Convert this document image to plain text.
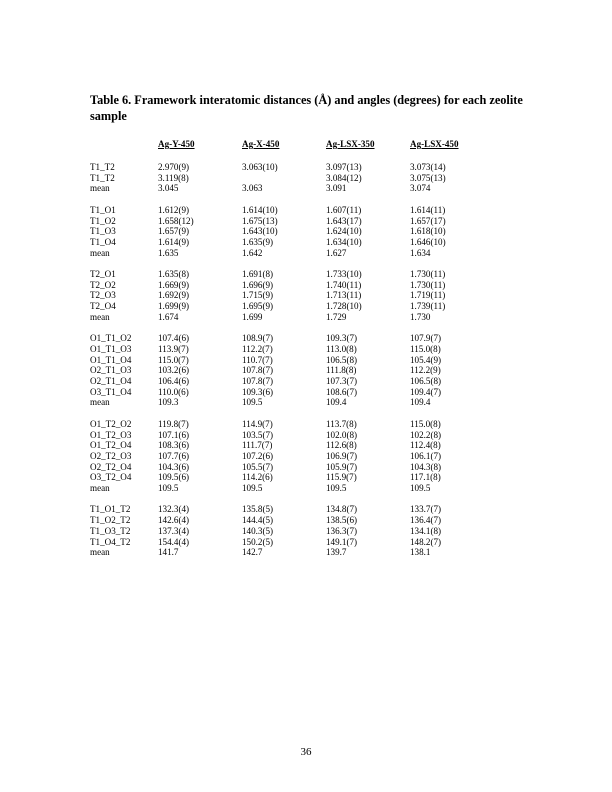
Table 6. Framework interatomic distances (Å) and angles (degrees) for each zeolite sample
	Ag-Y-450	Ag-X-450	Ag-LSX-350	Ag-LSX-450

T1_T2	2.970(9)	3.063(10)	3.097(13)	3.073(14)
T1_T2	3.119(8)		3.084(12)	3.075(13)
mean	3.045	3.063	3.091	3.074

T1_O1	1.612(9)	1.614(10)	1.607(11)	1.614(11)
T1_O2	1.658(12)	1.675(13)	1.643(17)	1.657(17)
T1_O3	1.657(9)	1.643(10)	1.624(10)	1.618(10)
T1_O4	1.614(9)	1.635(9)	1.634(10)	1.646(10)
mean	1.635	1.642	1.627	1.634

T2_O1	1.635(8)	1.691(8)	1.733(10)	1.730(11)
T2_O2	1.669(9)	1.696(9)	1.740(11)	1.730(11)
T2_O3	1.692(9)	1.715(9)	1.713(11)	1.719(11)
T2_O4	1.699(9)	1.695(9)	1.728(10)	1.739(11)
mean	1.674	1.699	1.729	1.730

O1_T1_O2	107.4(6)	108.9(7)	109.3(7)	107.9(7)
O1_T1_O3	113.9(7)	112.2(7)	113.0(8)	115.0(8)
O1_T1_O4	115.0(7)	110.7(7)	106.5(8)	105.4(9)
O2_T1_O3	103.2(6)	107.8(7)	111.8(8)	112.2(9)
O2_T1_O4	106.4(6)	107.8(7)	107.3(7)	106.5(8)
O3_T1_O4	110.0(6)	109.3(6)	108.6(7)	109.4(7)
mean	109.3	109.5	109.4	109.4

O1_T2_O2	119.8(7)	114.9(7)	113.7(8)	115.0(8)
O1_T2_O3	107.1(6)	103.5(7)	102.0(8)	102.2(8)
O1_T2_O4	108.3(6)	111.7(7)	112.6(8)	112.4(8)
O2_T2_O3	107.7(6)	107.2(6)	106.9(7)	106.1(7)
O2_T2_O4	104.3(6)	105.5(7)	105.9(7)	104.3(8)
O3_T2_O4	109.5(6)	114.2(6)	115.9(7)	117.1(8)
mean	109.5	109.5	109.5	109.5

T1_O1_T2	132.3(4)	135.8(5)	134.8(7)	133.7(7)
T1_O2_T2	142.6(4)	144.4(5)	138.5(6)	136.4(7)
T1_O3_T2	137.3(4)	140.3(5)	136.3(7)	134.1(8)
T1_O4_T2	154.4(4)	150.2(5)	149.1(7)	148.2(7)
mean	141.7	142.7	139.7	138.1
36
